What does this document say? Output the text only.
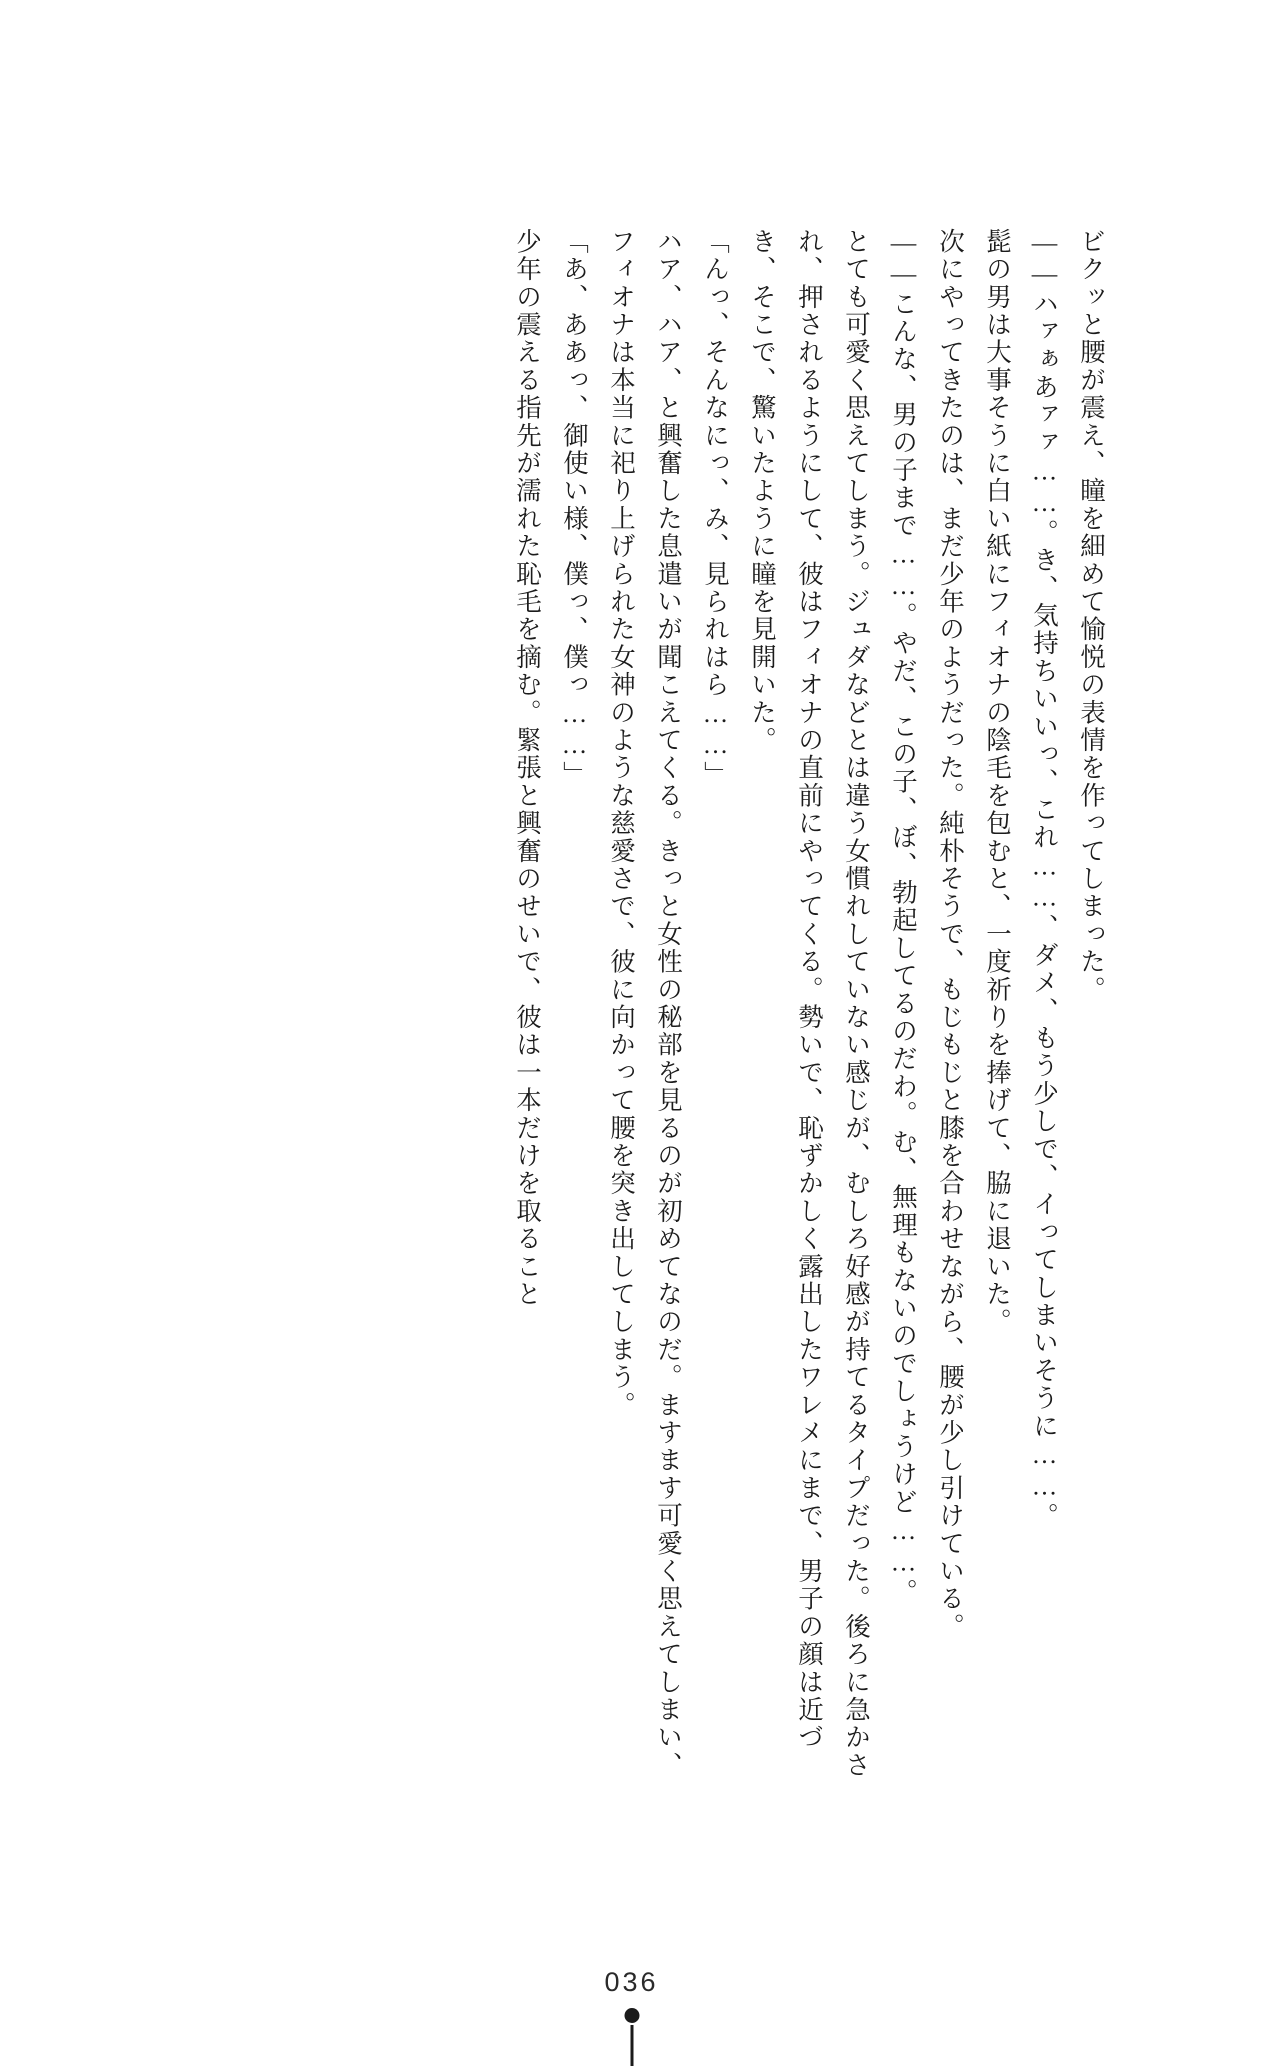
ビクッと腰が震え、瞳を細めて愉悦の表情を作ってしまった。

――ハァぁあァァ……。き、気持ちいいっ、これ……、ダメ、もう少しで、イってしまいそうに……。

髭の男は大事そうに白い紙にフィオナの陰毛を包むと、一度祈りを捧げて、脇に退いた。

次にやってきたのは、まだ少年のようだった。純朴そうで、もじもじと膝を合わせながら、腰が少し引けている。

――こんな、男の子まで……。やだ、この子、ぼ、勃起してるのだわ。む、無理もないのでしょうけど……。

とても可愛く思えてしまう。ジュダなどとは違う女慣れしていない感じが、むしろ好感が持てるタイプだった。後ろに急かされ、押されるようにして、彼はフィオナの直前にやってくる。勢いで、恥ずかしく露出したワレメにまで、男子の顔は近づき、そこで、驚いたように瞳を見開いた。

「んっ、そんなにっ、み、見られはら……」

ハア、ハア、と興奮した息遣いが聞こえてくる。きっと女性の秘部を見るのが初めてなのだ。ますます可愛く思えてしまい、フィオナは本当に祀り上げられた女神のような慈愛さで、彼に向かって腰を突き出してしまう。

「あ、ああっ、御使い様、僕っ、僕っ……」

少年の震える指先が濡れた恥毛を摘む。緊張と興奮のせいで、彼は一本だけを取ること

036
